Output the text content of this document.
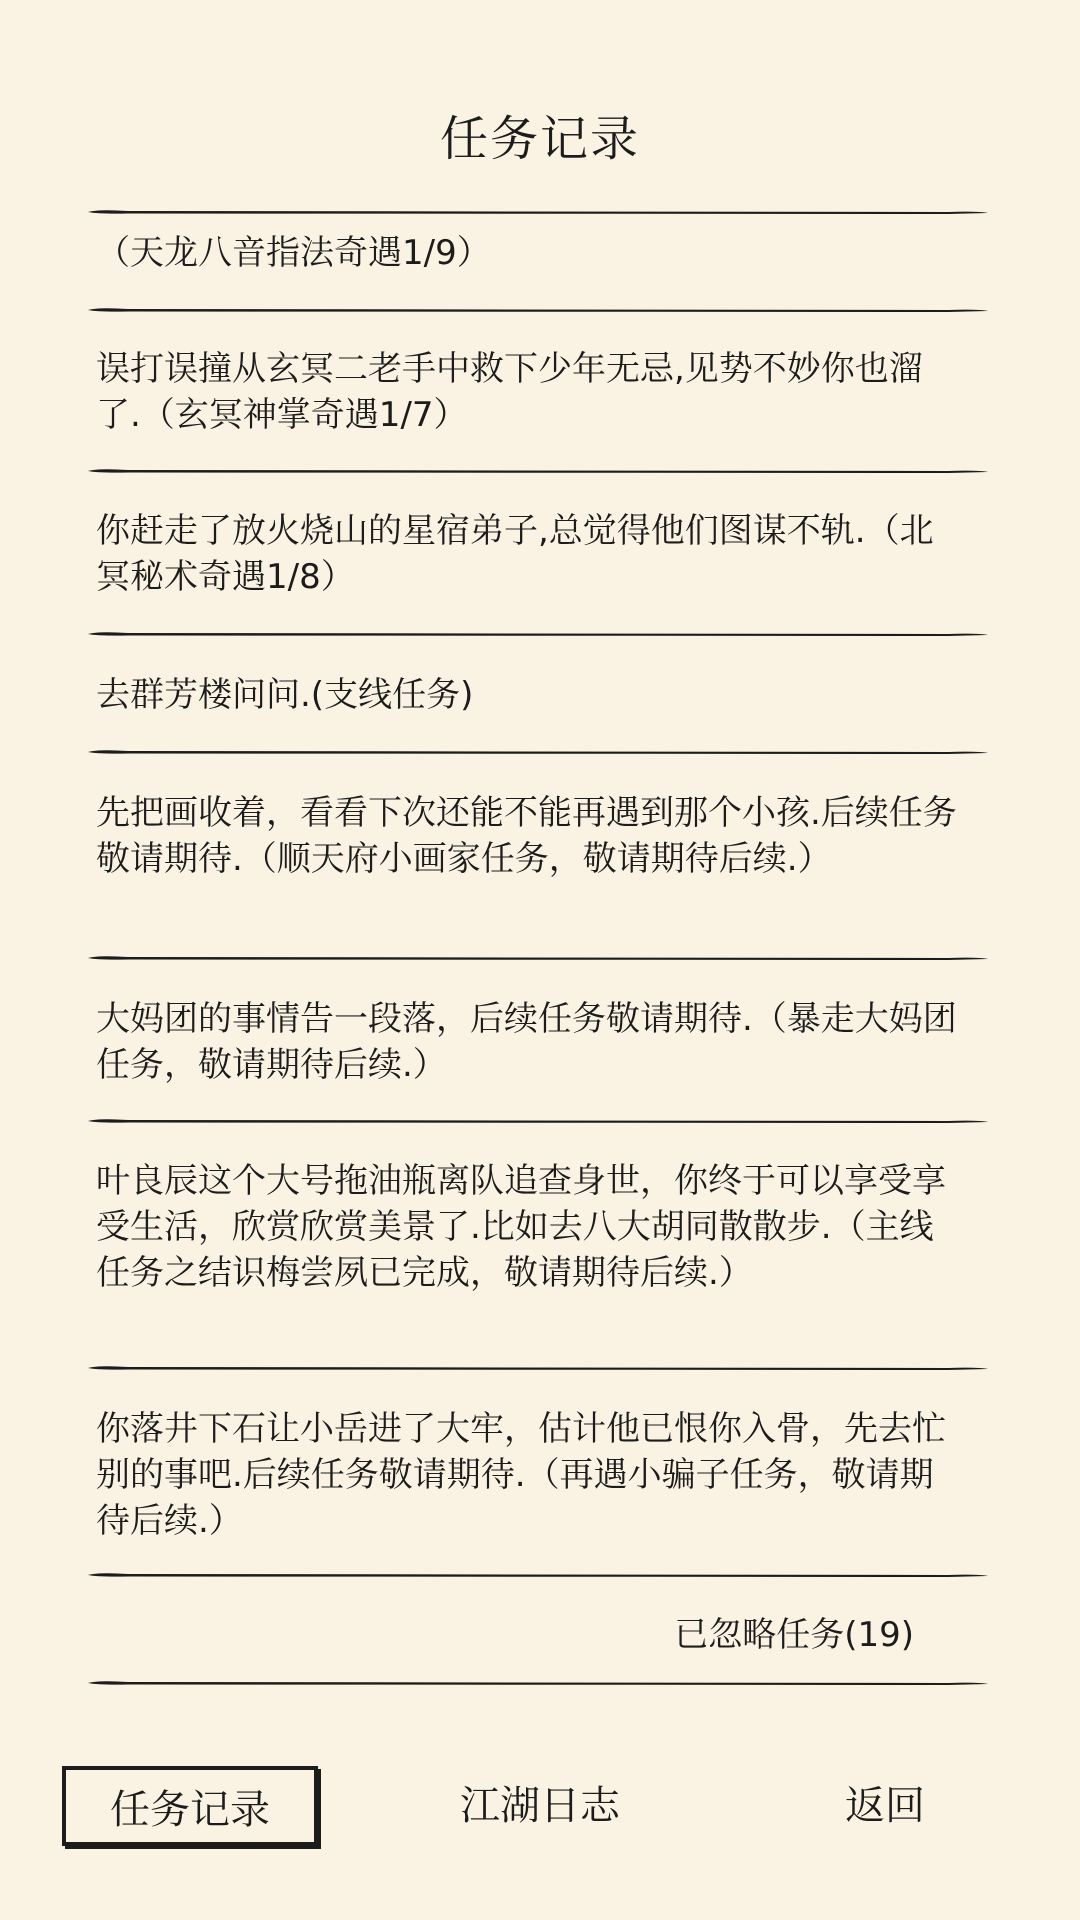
任务记录
（天龙八音指法奇遇1/9）
误打误撞从玄冥二老手中救下少年无忌,见势不妙你也溜了.（玄冥神掌奇遇1/7）
你赶走了放火烧山的星宿弟子,总觉得他们图谋不轨.（北冥秘术奇遇1/8）
去群芳楼问问.(支线任务)
先把画收着，看看下次还能不能再遇到那个小孩.后续任务敬请期待.（顺天府小画家任务，敬请期待后续.）
大妈团的事情告一段落，后续任务敬请期待.（暴走大妈团任务，敬请期待后续.）
叶良辰这个大号拖油瓶离队追查身世，你终于可以享受享受生活，欣赏欣赏美景了.比如去八大胡同散散步.（主线任务之结识梅尝夙已完成，敬请期待后续.）
你落井下石让小岳进了大牢，估计他已恨你入骨，先去忙别的事吧.后续任务敬请期待.（再遇小骗子任务，敬请期待后续.）
已忽略任务(19)
任务记录	江湖日志	返回
